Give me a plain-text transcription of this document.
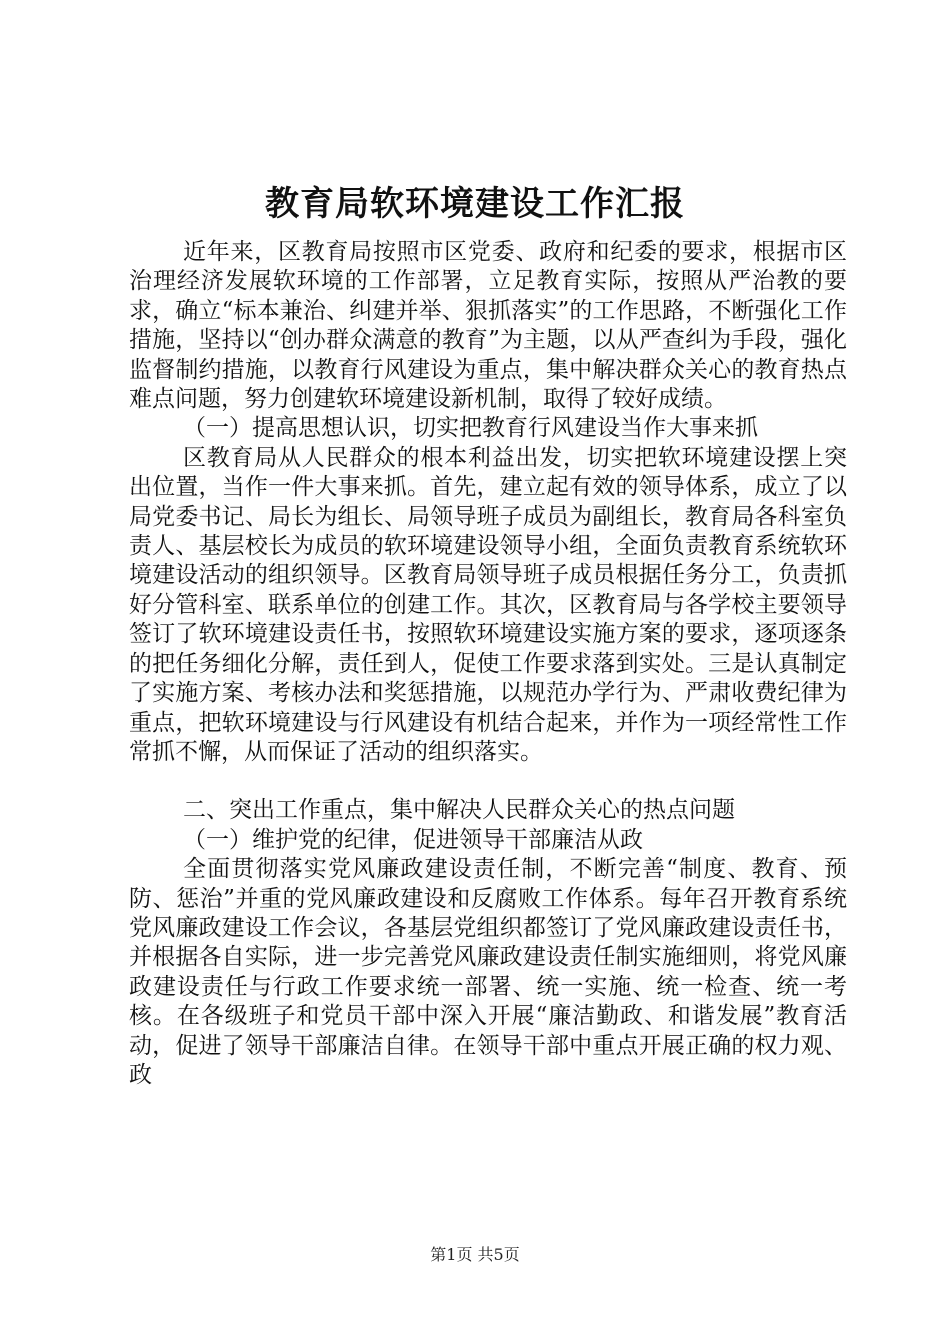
教育局软环境建设工作汇报

近年来，区教育局按照市区党委、政府和纪委的要求，根据市区治理经济发展软环境的工作部署，立足教育实际，按照从严治教的要求，确立“标本兼治、纠建并举、狠抓落实”的工作思路，不断强化工作措施，坚持以“创办群众满意的教育”为主题，以从严查纠为手段，强化监督制约措施，以教育行风建设为重点，集中解决群众关心的教育热点难点问题，努力创建软环境建设新机制，取得了较好成绩。

（一）提高思想认识，切实把教育行风建设当作大事来抓

区教育局从人民群众的根本利益出发，切实把软环境建设摆上突出位置，当作一件大事来抓。首先，建立起有效的领导体系，成立了以局党委书记、局长为组长、局领导班子成员为副组长，教育局各科室负责人、基层校长为成员的软环境建设领导小组，全面负责教育系统软环境建设活动的组织领导。区教育局领导班子成员根据任务分工，负责抓好分管科室、联系单位的创建工作。其次，区教育局与各学校主要领导签订了软环境建设责任书，按照软环境建设实施方案的要求，逐项逐条的把任务细化分解，责任到人，促使工作要求落到实处。三是认真制定了实施方案、考核办法和奖惩措施，以规范办学行为、严肃收费纪律为重点，把软环境建设与行风建设有机结合起来，并作为一项经常性工作常抓不懈，从而保证了活动的组织落实。

二、突出工作重点，集中解决人民群众关心的热点问题

（一）维护党的纪律，促进领导干部廉洁从政

全面贯彻落实党风廉政建设责任制，不断完善“制度、教育、预防、惩治”并重的党风廉政建设和反腐败工作体系。每年召开教育系统党风廉政建设工作会议，各基层党组织都签订了党风廉政建设责任书，并根据各自实际，进一步完善党风廉政建设责任制实施细则，将党风廉政建设责任与行政工作要求统一部署、统一实施、统一检查、统一考核。在各级班子和党员干部中深入开展“廉洁勤政、和谐发展”教育活动，促进了领导干部廉洁自律。在领导干部中重点开展正确的权力观、政

第1页 共5页
